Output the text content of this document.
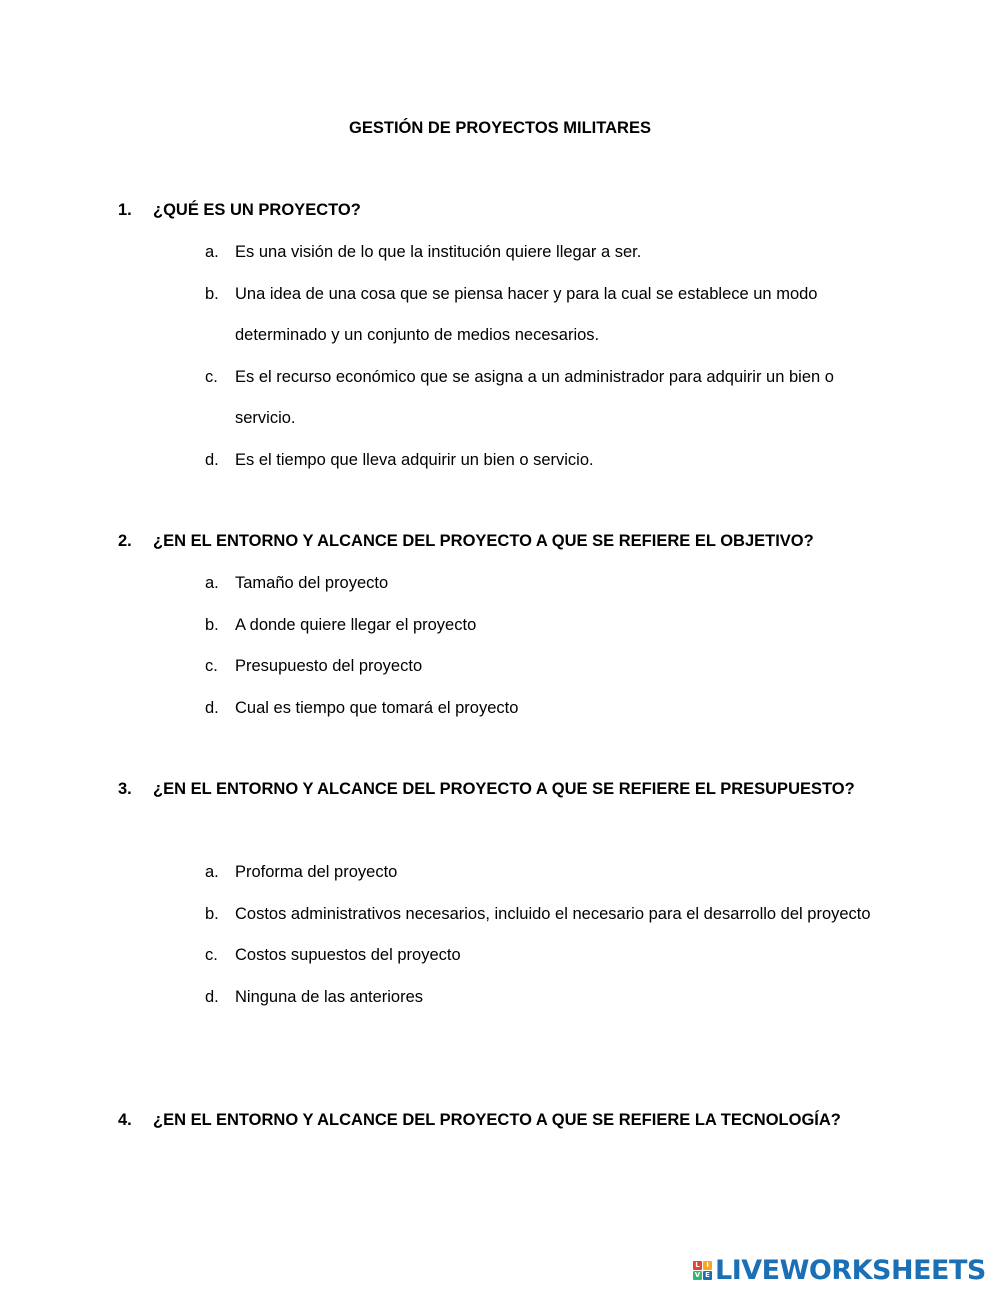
GESTIÓN DE PROYECTOS MILITARES
1. ¿QUÉ ES UN PROYECTO?
a. Es una visión de lo que la institución quiere llegar a ser.
b. Una idea de una cosa que se piensa hacer y para la cual se establece un modo determinado y un conjunto de medios necesarios.
c. Es el recurso económico que se asigna a un administrador para adquirir un bien o servicio.
d. Es el tiempo que lleva adquirir un bien o servicio.
2. ¿EN EL ENTORNO Y ALCANCE DEL PROYECTO A QUE SE REFIERE EL OBJETIVO?
a. Tamaño del proyecto
b. A donde quiere llegar el proyecto
c. Presupuesto del proyecto
d. Cual es tiempo que tomará el proyecto
3. ¿EN EL ENTORNO Y ALCANCE DEL PROYECTO A QUE SE REFIERE EL PRESUPUESTO?
a. Proforma del proyecto
b. Costos administrativos necesarios, incluido el necesario para el desarrollo del proyecto
c. Costos supuestos del proyecto
d. Ninguna de las anteriores
4. ¿EN EL ENTORNO Y ALCANCE DEL PROYECTO A QUE SE REFIERE LA TECNOLOGÍA?
L I
V E LIVEWORKSHEETS
